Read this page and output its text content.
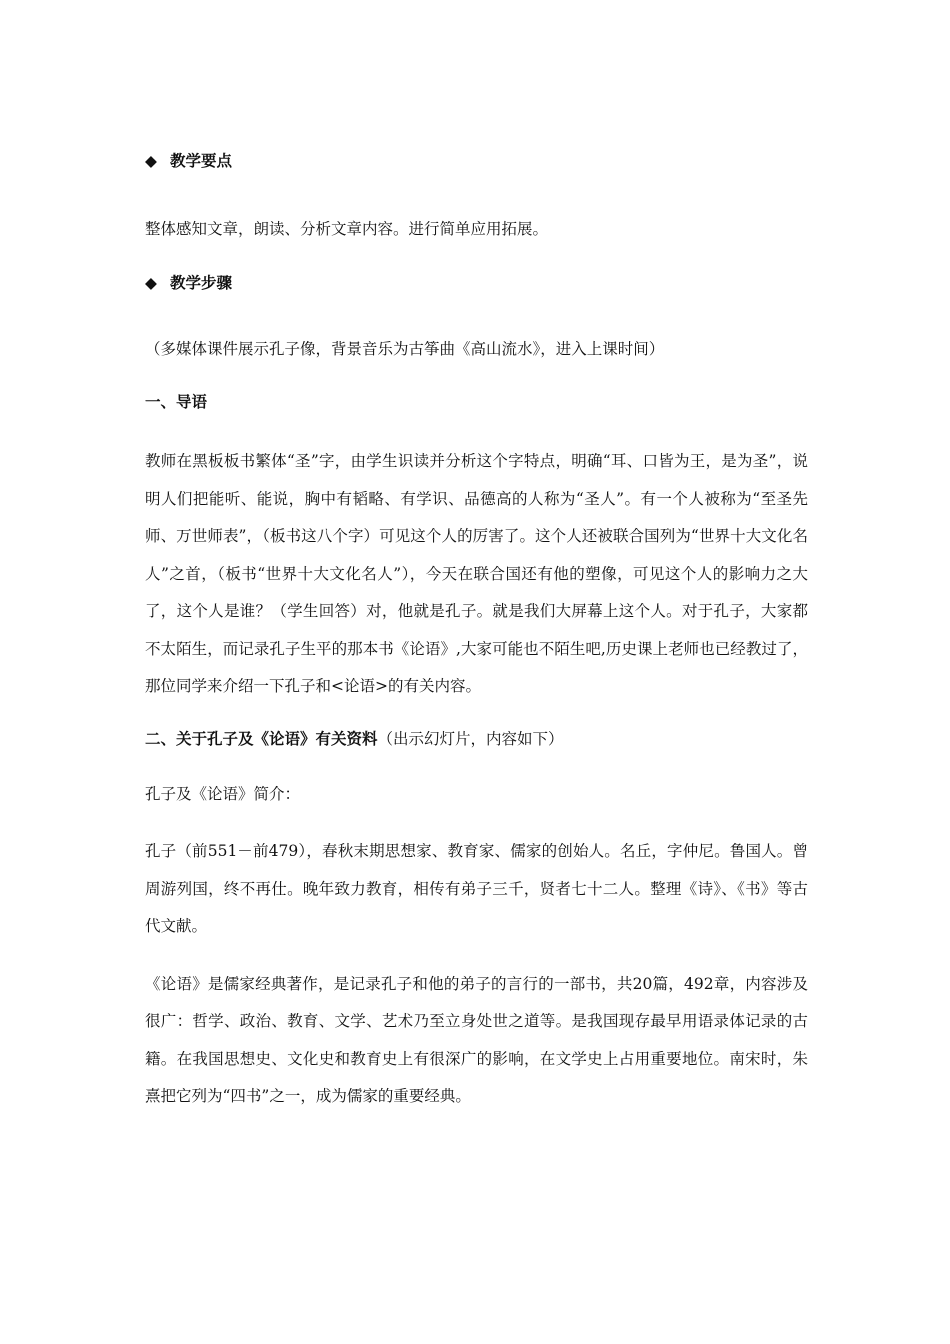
◆ 教学要点

整体感知文章，朗读、分析文章内容。进行简单应用拓展。

◆ 教学步骤

（多媒体课件展示孔子像，背景音乐为古筝曲《高山流水》，进入上课时间）

一、导语

教师在黑板板书繁体“圣”字，由学生识读并分析这个字特点，明确“耳、口皆为王，是为圣”，说明人们把能听、能说，胸中有韬略、有学识、品德高的人称为“圣人”。有一个人被称为“至圣先师、万世师表”，（板书这八个字）可见这个人的厉害了。这个人还被联合国列为“世界十大文化名人”之首，（板书“世界十大文化名人”），今天在联合国还有他的塑像，可见这个人的影响力之大了，这个人是谁？（学生回答）对，他就是孔子。就是我们大屏幕上这个人。对于孔子，大家都不太陌生，而记录孔子生平的那本书《论语》,大家可能也不陌生吧,历史课上老师也已经教过了，那位同学来介绍一下孔子和<论语>的有关内容。

二、关于孔子及《论语》有关资料（出示幻灯片，内容如下）

孔子及《论语》简介：

孔子（前551－前479），春秋末期思想家、教育家、儒家的创始人。名丘，字仲尼。鲁国人。曾周游列国，终不再仕。晚年致力教育，相传有弟子三千，贤者七十二人。整理《诗》、《书》等古代文献。

《论语》是儒家经典著作，是记录孔子和他的弟子的言行的一部书，共20篇，492章，内容涉及很广：哲学、政治、教育、文学、艺术乃至立身处世之道等。是我国现存最早用语录体记录的古籍。在我国思想史、文化史和教育史上有很深广的影响，在文学史上占用重要地位。南宋时，朱熹把它列为“四书”之一，成为儒家的重要经典。
